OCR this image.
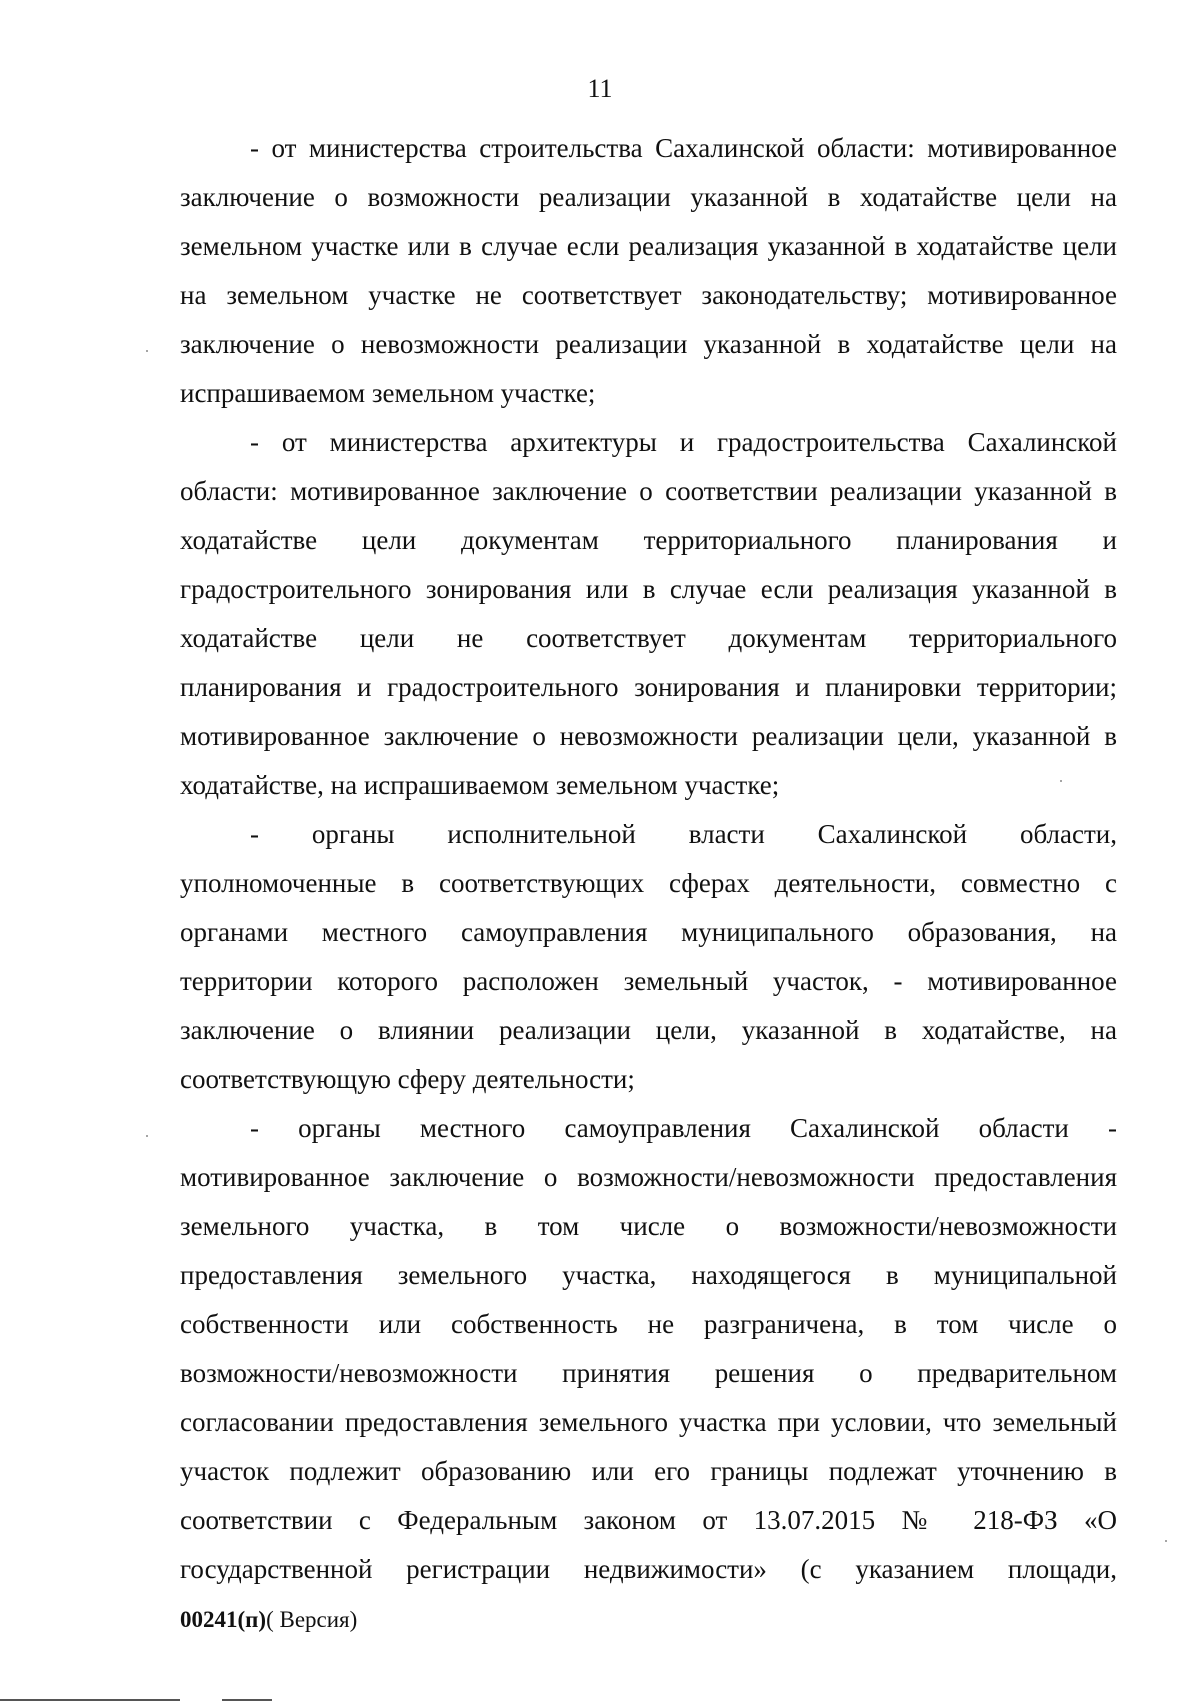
11
- от министерства строительства Сахалинской области: мотивированное
заключение о возможности реализации указанной в ходатайстве цели на
земельном участке или в случае если реализация указанной в ходатайстве цели
на земельном участке не соответствует законодательству; мотивированное
заключение о невозможности реализации указанной в ходатайстве цели на
испрашиваемом земельном участке;
- от министерства архитектуры и градостроительства Сахалинской
области: мотивированное заключение о соответствии реализации указанной в
ходатайстве цели документам территориального планирования и
градостроительного зонирования или в случае если реализация указанной в
ходатайстве цели не соответствует документам территориального
планирования и градостроительного зонирования и планировки территории;
мотивированное заключение о невозможности реализации цели, указанной в
ходатайстве, на испрашиваемом земельном участке;
- органы исполнительной власти Сахалинской области,
уполномоченные в соответствующих сферах деятельности, совместно с
органами местного самоуправления муниципального образования, на
территории которого расположен земельный участок, - мотивированное
заключение о влиянии реализации цели, указанной в ходатайстве, на
соответствующую сферу деятельности;
- органы местного самоуправления Сахалинской области -
мотивированное заключение о возможности/невозможности предоставления
земельного участка, в том числе о возможности/невозможности
предоставления земельного участка, находящегося в муниципальной
собственности или собственность не разграничена, в том числе о
возможности/невозможности принятия решения о предварительном
согласовании предоставления земельного участка при условии, что земельный
участок подлежит образованию или его границы подлежат уточнению в
соответствии с Федеральным законом от 13.07.2015 № 218-ФЗ «О
государственной регистрации недвижимости» (с указанием площади,
00241(п)( Версия)
